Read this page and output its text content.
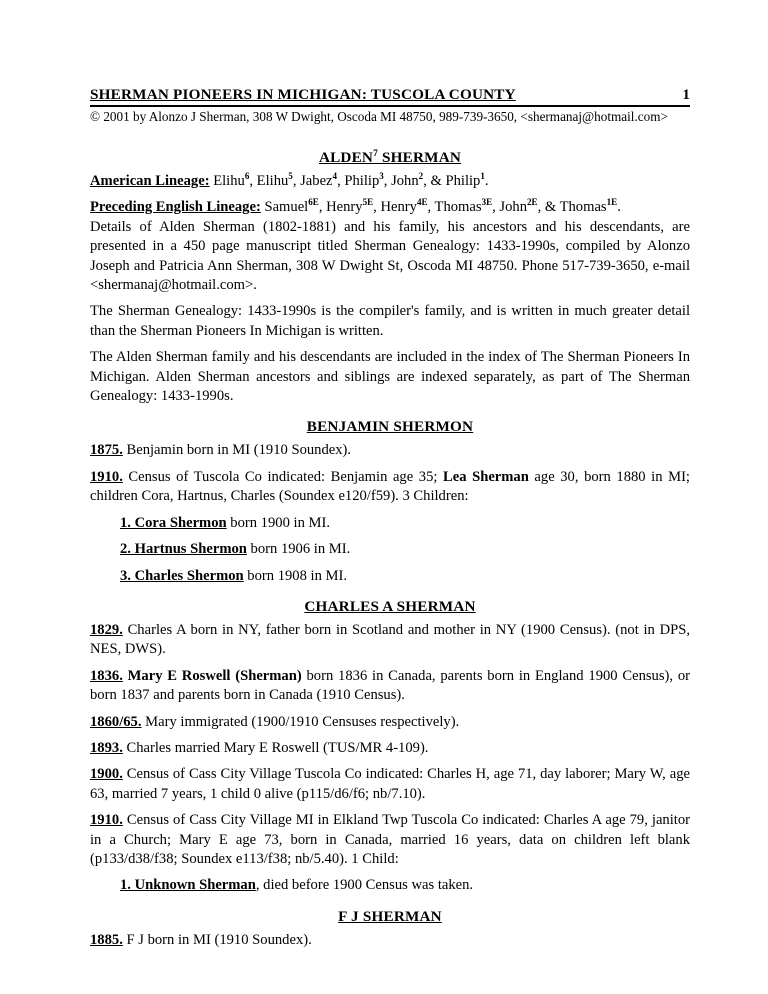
SHERMAN PIONEERS IN MICHIGAN: TUSCOLA COUNTY	1
© 2001 by Alonzo J Sherman, 308 W Dwight, Oscoda MI 48750, 989-739-3650, <shermanaj@hotmail.com>
$ALDEN^7$ SHERMAN

American Lineage: Elihu$^6$, Elihu$^5$, Jabez$^4$, Philip$^3$, John$^2$, & Philip$^1$.

Preceding English Lineage: Samuel$^{6E}$, Henry$^{5E}$, Henry$^{4E}$, Thomas$^{3E}$, John$^{2E}$, & Thomas$^{1E}$.

Details of Alden Sherman (1802-1881) and his family, his ancestors and his descendants, are presented in a 450 page manuscript titled Sherman Genealogy: 1433-1990s, compiled by Alonzo Joseph and Patricia Ann Sherman, 308 W Dwight St, Oscoda MI 48750. Phone 517-739-3650, e-mail <shermanaj@hotmail.com>.

The Sherman Genealogy: 1433-1990s is the compiler's family, and is written in much greater detail than the Sherman Pioneers In Michigan is written.

The Alden Sherman family and his descendants are included in the index of The Sherman Pioneers In Michigan. Alden Sherman ancestors and siblings are indexed separately, as part of The Sherman Genealogy: 1433-1990s.

BENJAMIN SHERMON

1875. Benjamin born in MI (1910 Soundex).

1910. Census of Tuscola Co indicated: Benjamin age 35; Lea Sherman age 30, born 1880 in MI; children Cora, Hartnus, Charles (Soundex e120/f59). 3 Children:

1. Cora Shermon born 1900 in MI.

2. Hartnus Shermon born 1906 in MI.

3. Charles Shermon born 1908 in MI.

CHARLES A SHERMAN

1829. Charles A born in NY, father born in Scotland and mother in NY (1900 Census). (not in DPS, NES, DWS).

1836. Mary E Roswell (Sherman) born 1836 in Canada, parents born in England 1900 Census), or born 1837 and parents born in Canada (1910 Census).

1860/65. Mary immigrated (1900/1910 Censuses respectively).

1893. Charles married Mary E Roswell (TUS/MR 4-109).

1900. Census of Cass City Village Tuscola Co indicated: Charles H, age 71, day laborer; Mary W, age 63, married 7 years, 1 child 0 alive (p115/d6/f6; nb/7.10).

1910. Census of Cass City Village MI in Elkland Twp Tuscola Co indicated: Charles A age 79, janitor in a Church; Mary E age 73, born in Canada, married 16 years, data on children left blank (p133/d38/f38; Soundex e113/f38; nb/5.40). 1 Child:

1. Unknown Sherman, died before 1900 Census was taken.

F J SHERMAN

1885. F J born in MI (1910 Soundex).
